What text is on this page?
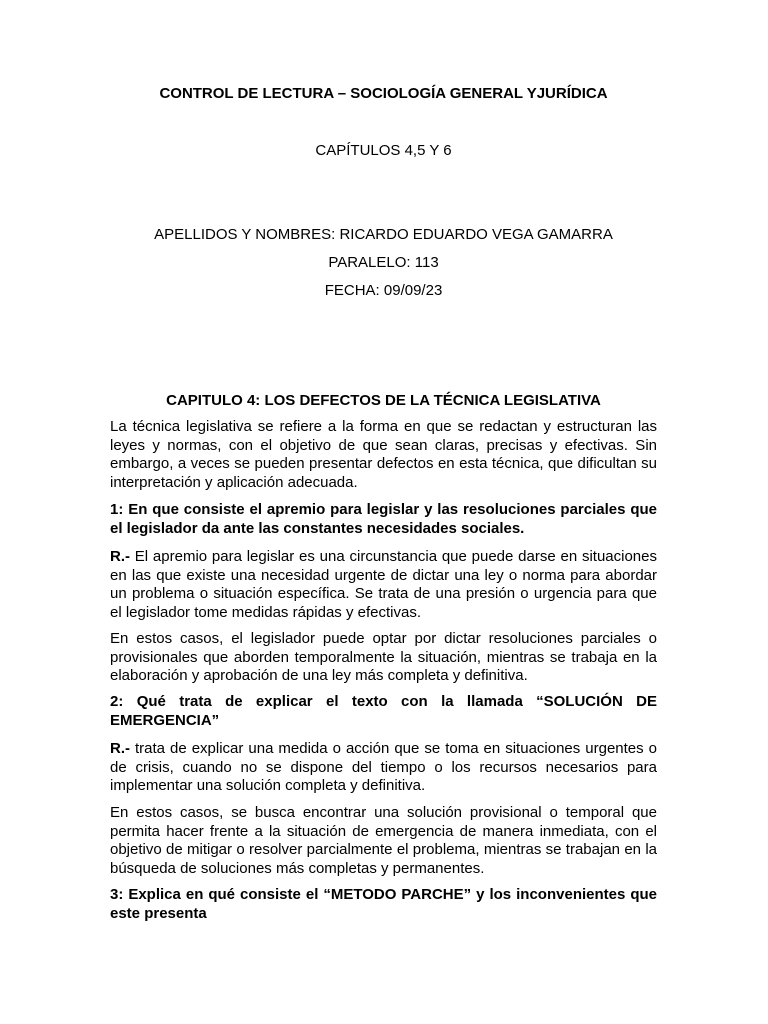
CONTROL DE LECTURA – SOCIOLOGÍA GENERAL YJURÍDICA
CAPÍTULOS 4,5 Y 6
APELLIDOS Y NOMBRES: RICARDO EDUARDO VEGA GAMARRA
PARALELO: 113
FECHA: 09/09/23
CAPITULO 4: LOS DEFECTOS DE LA TÉCNICA LEGISLATIVA
La técnica legislativa se refiere a la forma en que se redactan y estructuran las leyes y normas, con el objetivo de que sean claras, precisas y efectivas. Sin embargo, a veces se pueden presentar defectos en esta técnica, que dificultan su interpretación y aplicación adecuada.
1: En que consiste el apremio para legislar y las resoluciones parciales que el legislador da ante las constantes necesidades sociales.
R.- El apremio para legislar es una circunstancia que puede darse en situaciones en las que existe una necesidad urgente de dictar una ley o norma para abordar un problema o situación específica. Se trata de una presión o urgencia para que el legislador tome medidas rápidas y efectivas.
En estos casos, el legislador puede optar por dictar resoluciones parciales o provisionales que aborden temporalmente la situación, mientras se trabaja en la elaboración y aprobación de una ley más completa y definitiva.
2: Qué trata de explicar el texto con la llamada “SOLUCIÓN DE EMERGENCIA”
R.- trata de explicar una medida o acción que se toma en situaciones urgentes o de crisis, cuando no se dispone del tiempo o los recursos necesarios para implementar una solución completa y definitiva.
En estos casos, se busca encontrar una solución provisional o temporal que permita hacer frente a la situación de emergencia de manera inmediata, con el objetivo de mitigar o resolver parcialmente el problema, mientras se trabajan en la búsqueda de soluciones más completas y permanentes.
3: Explica en qué consiste el “METODO PARCHE” y los inconvenientes que este presenta
